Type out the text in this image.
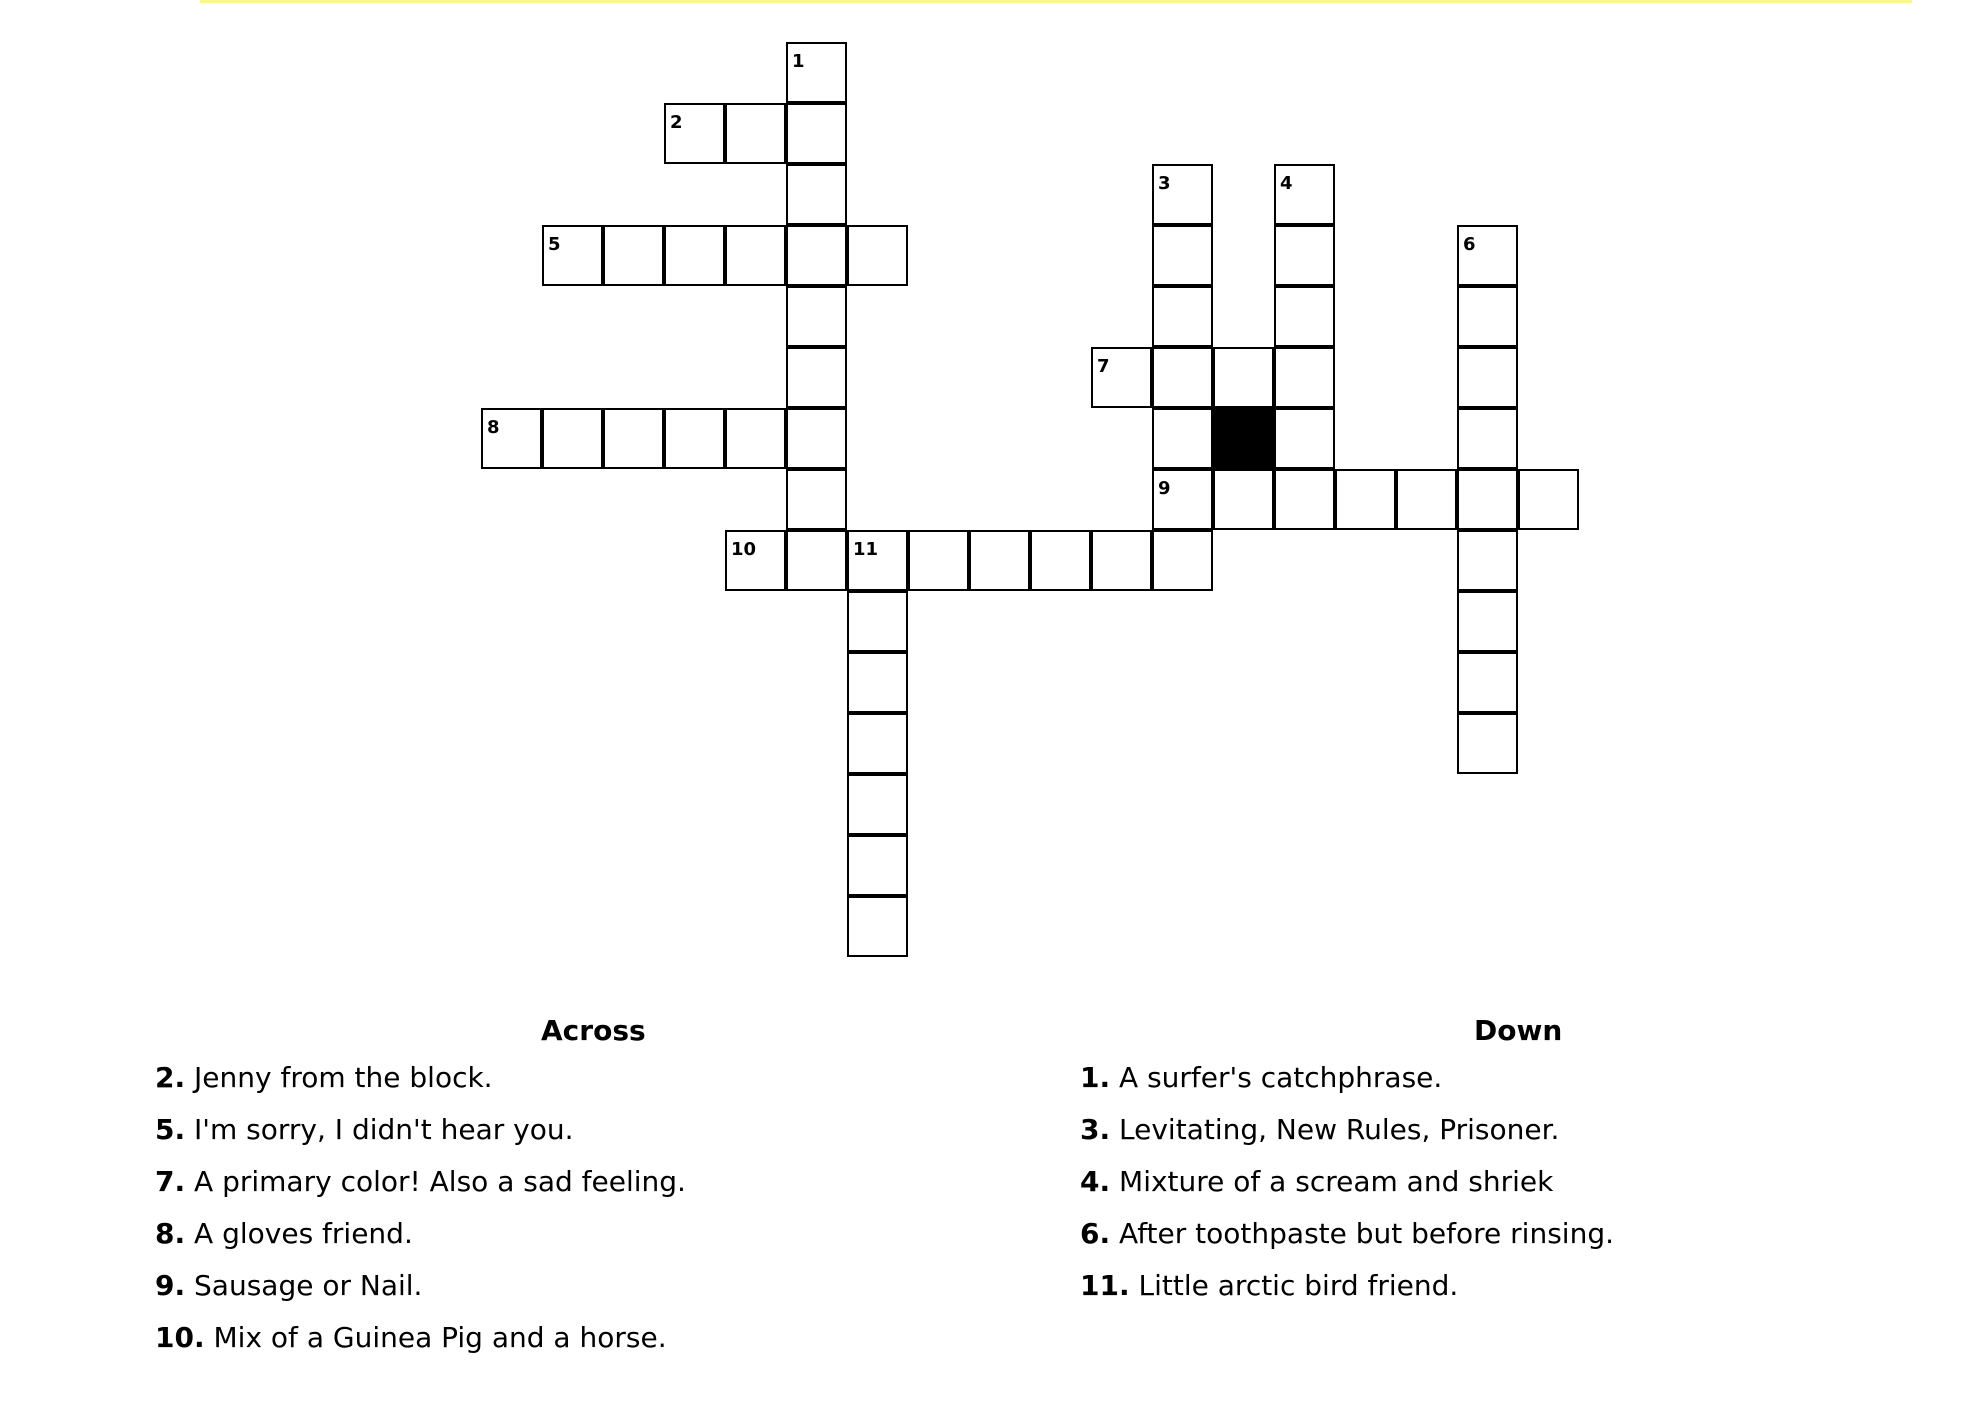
2
5
7
8
10	11
1
3
9
4
6
Across
2. Jenny from the block.
5. I'm sorry, I didn't hear you.
7. A primary color! Also a sad feeling.
8. A gloves friend.
9. Sausage or Nail.
10. Mix of a Guinea Pig and a horse.
Down
1. A surfer's catchphrase.
3. Levitating, New Rules, Prisoner.
4. Mixture of a scream and shriek
6. After toothpaste but before rinsing.
11. Little arctic bird friend.
